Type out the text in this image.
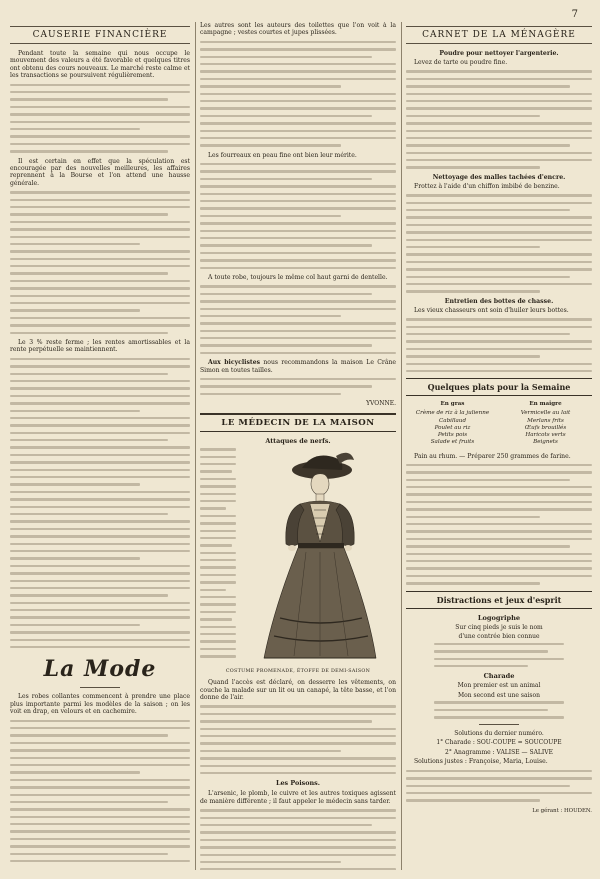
7
CAUSERIE FINANCIÈRE

Pendant toute la semaine qui nous occupe le mouvement des valeurs a été favorable et quelques titres ont obtenu des cours nouveaux. Le marché reste calme et les transactions se poursuivent régulièrement.

Il est certain en effet que la spéculation est encouragée par des nouvelles meilleures, les affaires reprennent à la Bourse et l'on attend une hausse générale.

Le 3 % reste ferme ; les rentes amortissables et la rente perpétuelle se maintiennent.

La Mode

Les robes collantes commencent à prendre une place plus importante parmi les modèles de la saison ; on les voit en drap, en velours et en cachemire.

Les autres sont les auteurs des toilettes que l'on voit à la campagne ; vestes courtes et jupes plissées.

Les fourreaux en peau fine ont bien leur mérite.

A toute robe, toujours le même col haut garni de dentelle.

Aux bicyclistes nous recommandons la maison Le Crâne Simon en toutes tailles.

YVONNE.
LE MÉDECIN DE LA MAISON
Attaques de nerfs.
COSTUME PROMENADE, ÉTOFFE DE DEMI-SAISON

Quand l'accès est déclaré, on desserre les vêtements, on couche la malade sur un lit ou un canapé, la tête basse, et l'on donne de l'air.

Les Poisons.

L'arsenic, le plomb, le cuivre et les autres toxiques agissent de manière différente ; il faut appeler le médecin sans tarder.

CARNET DE LA MÉNAGÈRE
Poudre pour nettoyer l'argenterie.

Levez de tarte ou poudre fine.

Nettoyage des malles tachées d'encre.

Frottez à l'aide d'un chiffon imbibé de benzine.

Entretien des bottes de chasse.

Les vieux chasseurs ont soin d'huiler leurs bottes.

Quelques plats pour la Semaine
En gras
Crème de riz à la julienne
Cabillaud
Poulet au riz
Petits pois
Salade et fruits
En maigre
Vermicelle au lait
Merlans frits
Œufs brouillés
Haricots verts
Beignets

Pain au rhum. — Préparer 250 grammes de farine.

Distractions et jeux d'esprit
Logogriphe
Sur cinq pieds je suis le nom
d'une contrée bien connue
Charade
Mon premier est un animal
Mon second est une saison
Solutions du dernier numéro.
1° Charade : SOU-COUPE = SOUCOUPE
2° Anagramme : VALISE — SALIVE

Solutions justes : Françoise, Maria, Louise.

Le gérant : HOUDEN.
